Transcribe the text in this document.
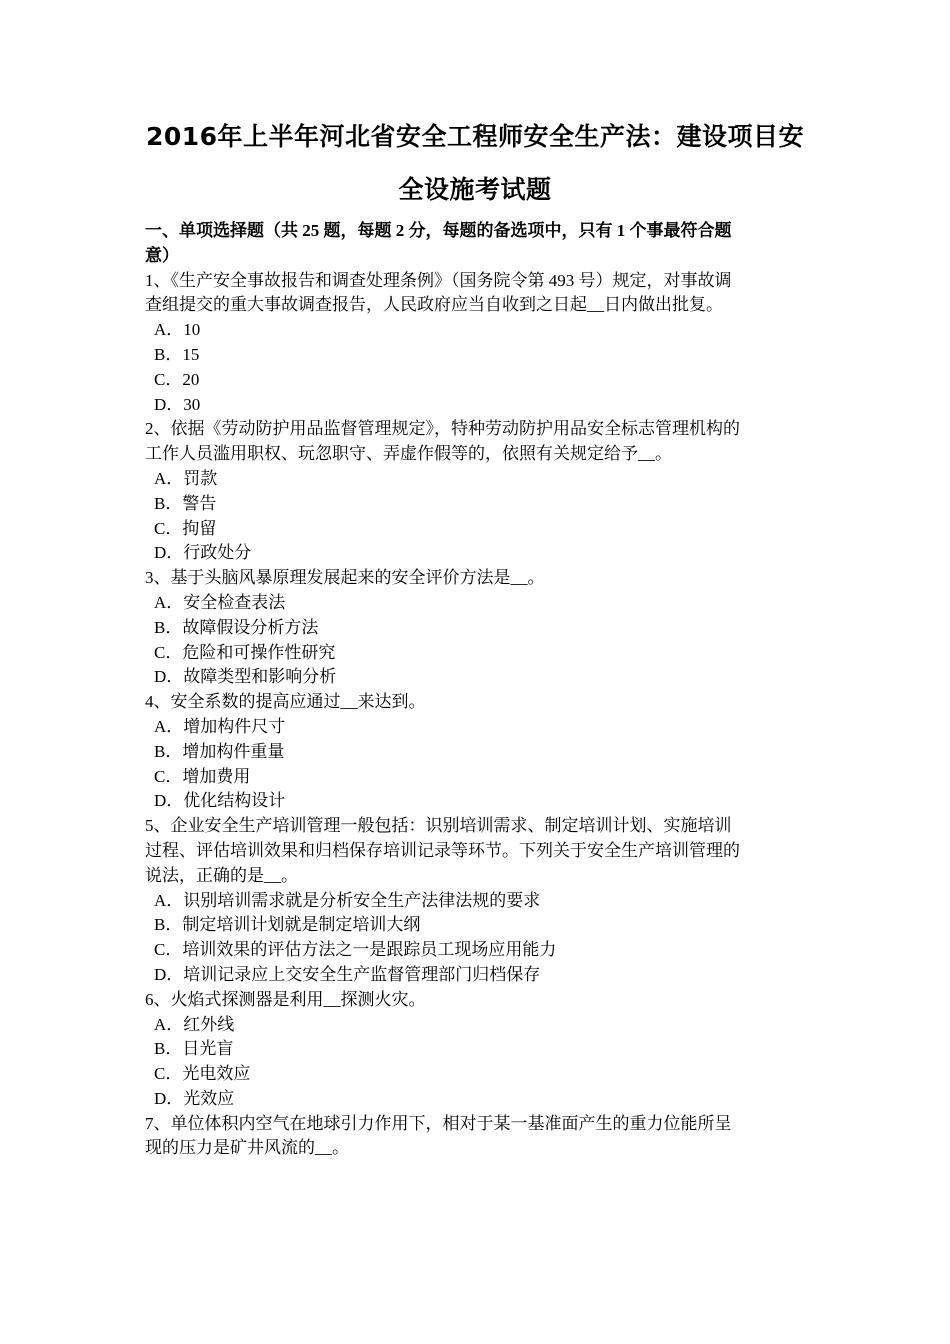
2016年上半年河北省安全工程师安全生产法：建设项目安
全设施考试题
一、单项选择题（共 25 题，每题 2 分，每题的备选项中，只有 1 个事最符合题
意）
1、《生产安全事故报告和调查处理条例》（国务院令第 493 号）规定，对事故调
查组提交的重大事故调查报告，人民政府应当自收到之日起__日内做出批复。
A．10
B．15
C．20
D．30
2、依据《劳动防护用品监督管理规定》，特种劳动防护用品安全标志管理机构的
工作人员滥用职权、玩忽职守、弄虚作假等的，依照有关规定给予__。
A．罚款
B．警告
C．拘留
D．行政处分
3、基于头脑风暴原理发展起来的安全评价方法是__。
A．安全检查表法
B．故障假设分析方法
C．危险和可操作性研究
D．故障类型和影响分析
4、安全系数的提高应通过__来达到。
A．增加构件尺寸
B．增加构件重量
C．增加费用
D．优化结构设计
5、企业安全生产培训管理一般包括：识别培训需求、制定培训计划、实施培训
过程、评估培训效果和归档保存培训记录等环节。下列关于安全生产培训管理的
说法，正确的是__。
A．识别培训需求就是分析安全生产法律法规的要求
B．制定培训计划就是制定培训大纲
C．培训效果的评估方法之一是跟踪员工现场应用能力
D．培训记录应上交安全生产监督管理部门归档保存
6、火焰式探测器是利用__探测火灾。
A．红外线
B．日光盲
C．光电效应
D．光效应
7、单位体积内空气在地球引力作用下，相对于某一基准面产生的重力位能所呈
现的压力是矿井风流的__。
